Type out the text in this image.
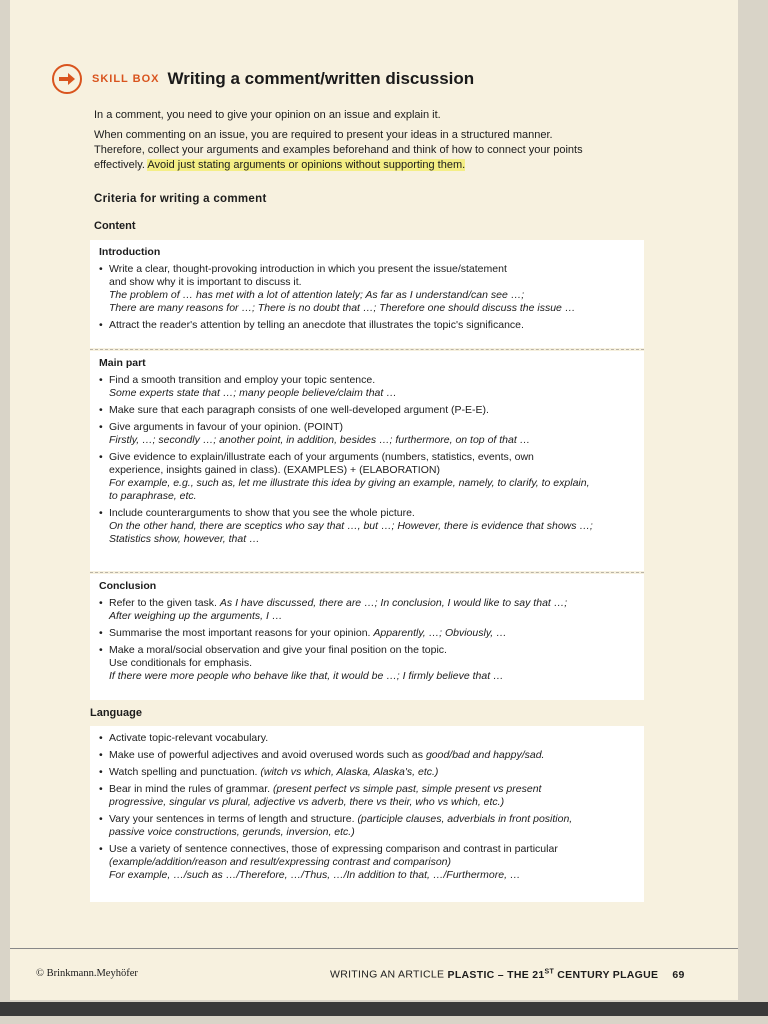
SKILL BOX Writing a comment/written discussion

In a comment, you need to give your opinion on an issue and explain it.

When commenting on an issue, you are required to present your ideas in a structured manner. Therefore, collect your arguments and examples beforehand and think of how to connect your points effectively. Avoid just stating arguments or opinions without supporting them.

Criteria for writing a comment
Content
Introduction
• Write a clear, thought-provoking introduction in which you present the issue/statement
and show why it is important to discuss it.
The problem of … has met with a lot of attention lately; As far as I understand/can see …;
There are many reasons for …; There is no doubt that …; Therefore one should discuss the issue …
• Attract the reader's attention by telling an anecdote that illustrates the topic's significance.
Main part
• Find a smooth transition and employ your topic sentence.
Some experts state that …; many people believe/claim that …
• Make sure that each paragraph consists of one well-developed argument (P-E-E).
• Give arguments in favour of your opinion. (POINT)
Firstly, …; secondly …; another point, in addition, besides …; furthermore, on top of that …
• Give evidence to explain/illustrate each of your arguments (numbers, statistics, events, own
experience, insights gained in class). (EXAMPLES) + (ELABORATION)
For example, e.g., such as, let me illustrate this idea by giving an example, namely, to clarify, to explain,
to paraphrase, etc.
• Include counterarguments to show that you see the whole picture.
On the other hand, there are sceptics who say that …, but …; However, there is evidence that shows …;
Statistics show, however, that …
Conclusion
• Refer to the given task. As I have discussed, there are …; In conclusion, I would like to say that …;
After weighing up the arguments, I …
• Summarise the most important reasons for your opinion. Apparently, …; Obviously, …
• Make a moral/social observation and give your final position on the topic.
Use conditionals for emphasis.
If there were more people who behave like that, it would be …; I firmly believe that …
Language
• Activate topic-relevant vocabulary.
• Make use of powerful adjectives and avoid overused words such as good/bad and happy/sad.
• Watch spelling and punctuation. (witch vs which, Alaska, Alaska's, etc.)
• Bear in mind the rules of grammar. (present perfect vs simple past, simple present vs present
progressive, singular vs plural, adjective vs adverb, there vs their, who vs which, etc.)
• Vary your sentences in terms of length and structure. (participle clauses, adverbials in front position,
passive voice constructions, gerunds, inversion, etc.)
• Use a variety of sentence connectives, those of expressing comparison and contrast in particular
(example/addition/reason and result/expressing contrast and comparison)
For example, …/such as …/Therefore, …/Thus, …/In addition to that, …/Furthermore, …
© Brinkmann.Meyhöfer	WRITING AN ARTICLE PLASTIC – THE 21ST CENTURY PLAGUE 69
